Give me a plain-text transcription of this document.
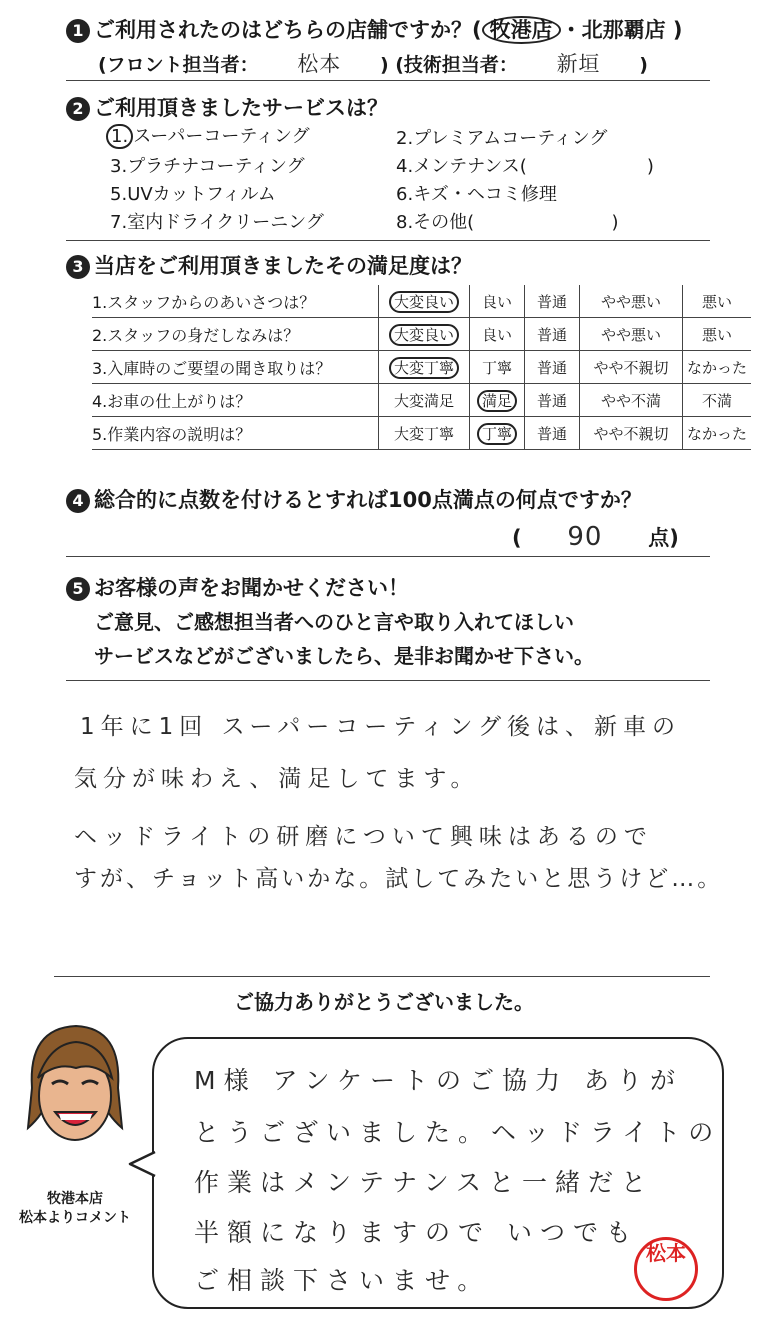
1 ご利用されたのはどちらの店舗ですか？( 牧港店 ・北那覇店 )
(フロント担当者： 松本 ) (技術担当者： 新垣 )
2 ご利用頂きましたサービスは？
1. スーパーコーティング	2.プレミアムコーティング
3.プラチナコーティング	4.メンテナンス(                     )
5.UVカットフィルム	6.キズ・ヘコミ修理
7.室内ドライクリーニング	8.その他(                        )
3 当店をご利用頂きましたその満足度は？
1.スタッフからのあいさつは？	大変良い	良い	普通	やや悪い	悪い
2.スタッフの身だしなみは？	大変良い	良い	普通	やや悪い	悪い
3.入庫時のご要望の聞き取りは？	大変丁寧	丁寧	普通	やや不親切	なかった
4.お車の仕上がりは？	大変満足	満足	普通	やや不満	不満
5.作業内容の説明は？	大変丁寧	丁寧	普通	やや不親切	なかった
4 総合的に点数を付けるとすれば100点満点の何点ですか？
( 90 点)
5 お客様の声をお聞かせください！
ご意見、ご感想担当者へのひと言や取り入れてほしい
サービスなどがございましたら、是非お聞かせ下さい。
1年に1回 スーパーコーティング後は、新車の
気分が味わえ、満足してます。
ヘッドライトの研磨について興味はあるので
すが、チョット高いかな。試してみたいと思うけど…。
ご協力ありがとうございました。
牧港本店
松本よりコメント
M様 アンケートのご協力 ありが
とうございました。ヘッドライトの
作業はメンテナンスと一緒だと
半額になりますので いつでも
ご相談下さいませ。
松本
